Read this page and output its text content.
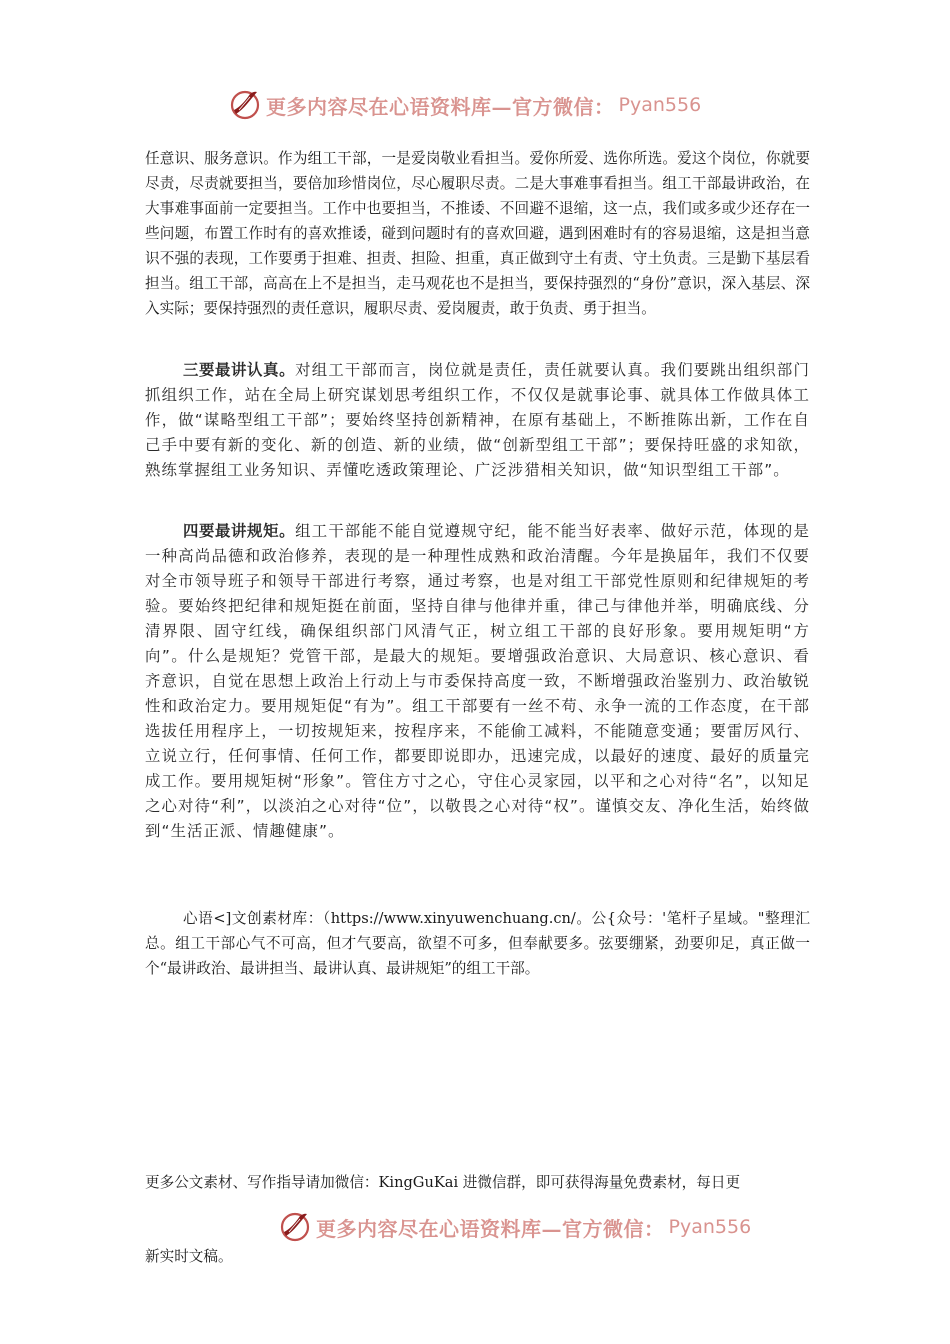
更多内容尽在心语资料库—官方微信： Pyan556

任意识、服务意识。作为组工干部，一是爱岗敬业看担当。爱你所爱、选你所选。爱这个岗位，你就要尽责，尽责就要担当，要倍加珍惜岗位，尽心履职尽责。二是大事难事看担当。组工干部最讲政治，在大事难事面前一定要担当。工作中也要担当，不推诿、不回避不退缩，这一点，我们或多或少还存在一些问题，布置工作时有的喜欢推诿，碰到问题时有的喜欢回避，遇到困难时有的容易退缩，这是担当意识不强的表现，工作要勇于担难、担责、担险、担重，真正做到守土有责、守土负责。三是勤下基层看担当。组工干部，高高在上不是担当，走马观花也不是担当，要保持强烈的“身份”意识，深入基层、深入实际；要保持强烈的责任意识，履职尽责、爱岗履责，敢于负责、勇于担当。

三要最讲认真。对组工干部而言，岗位就是责任，责任就要认真。我们要跳出组织部门抓组织工作，站在全局上研究谋划思考组织工作，不仅仅是就事论事、就具体工作做具体工作，做“谋略型组工干部”；要始终坚持创新精神，在原有基础上，不断推陈出新，工作在自己手中要有新的变化、新的创造、新的业绩，做“创新型组工干部”；要保持旺盛的求知欲，熟练掌握组工业务知识、弄懂吃透政策理论、广泛涉猎相关知识，做“知识型组工干部”。

四要最讲规矩。组工干部能不能自觉遵规守纪，能不能当好表率、做好示范，体现的是一种高尚品德和政治修养，表现的是一种理性成熟和政治清醒。今年是换届年，我们不仅要对全市领导班子和领导干部进行考察，通过考察，也是对组工干部党性原则和纪律规矩的考验。要始终把纪律和规矩挺在前面，坚持自律与他律并重，律己与律他并举，明确底线、分清界限、固守红线，确保组织部门风清气正，树立组工干部的良好形象。要用规矩明“方向”。什么是规矩？党管干部，是最大的规矩。要增强政治意识、大局意识、核心意识、看齐意识，自觉在思想上政治上行动上与市委保持高度一致，不断增强政治鉴别力、政治敏锐性和政治定力。要用规矩促“有为”。组工干部要有一丝不苟、永争一流的工作态度，在干部选拔任用程序上，一切按规矩来，按程序来，不能偷工减料，不能随意变通；要雷厉风行、立说立行，任何事情、任何工作，都要即说即办，迅速完成，以最好的速度、最好的质量完成工作。要用规矩树“形象”。管住方寸之心，守住心灵家园，以平和之心对待“名”，以知足之心对待“利”，以淡泊之心对待“位”，以敬畏之心对待“权”。谨慎交友、净化生活，始终做到“生活正派、情趣健康”。

心语<]文创素材库：（https://www.xinyuwenchuang.cn/。公{众号：'笔杆子星域。"整理汇总。组工干部心气不可高，但才气要高，欲望不可多，但奉献要多。弦要绷紧，劲要卯足，真正做一个“最讲政治、最讲担当、最讲认真、最讲规矩”的组工干部。

更多公文素材、写作指导请加微信：KingGuKai 进微信群，即可获得海量免费素材，每日更

更多内容尽在心语资料库—官方微信： Pyan556

新实时文稿。
